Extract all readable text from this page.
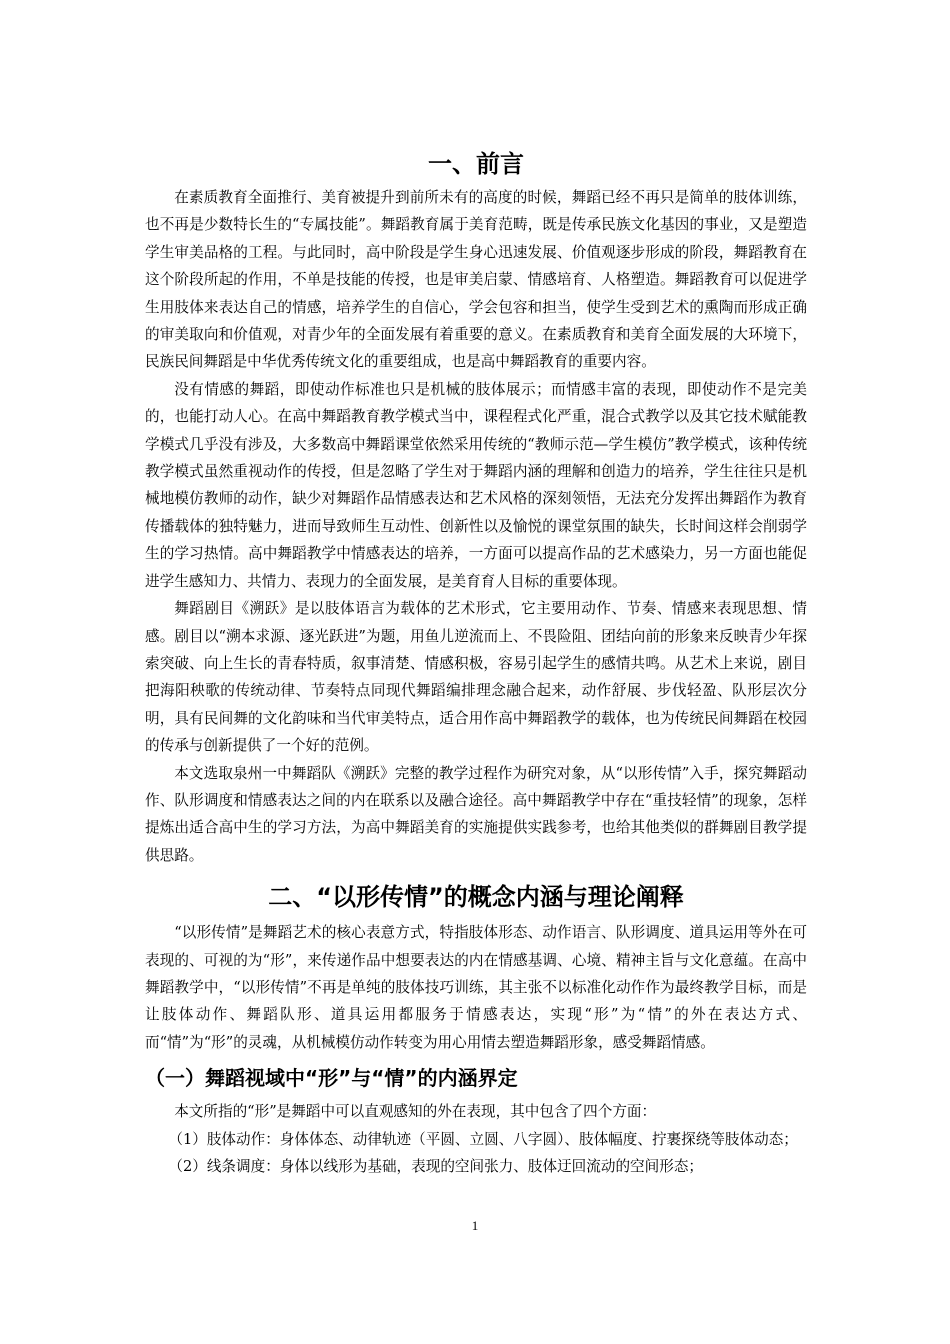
一、前言

在素质教育全面推行、美育被提升到前所未有的高度的时候，舞蹈已经不再只是简单的肢体训练，也不再是少数特长生的“专属技能”。舞蹈教育属于美育范畴，既是传承民族文化基因的事业，又是塑造学生审美品格的工程。与此同时，高中阶段是学生身心迅速发展、价值观逐步形成的阶段，舞蹈教育在这个阶段所起的作用，不单是技能的传授，也是审美启蒙、情感培育、人格塑造。舞蹈教育可以促进学生用肢体来表达自己的情感，培养学生的自信心，学会包容和担当，使学生受到艺术的熏陶而形成正确的审美取向和价值观，对青少年的全面发展有着重要的意义。在素质教育和美育全面发展的大环境下，民族民间舞蹈是中华优秀传统文化的重要组成，也是高中舞蹈教育的重要内容。

没有情感的舞蹈，即使动作标准也只是机械的肢体展示；而情感丰富的表现，即使动作不是完美的，也能打动人心。在高中舞蹈教育教学模式当中，课程程式化严重，混合式教学以及其它技术赋能教学模式几乎没有涉及，大多数高中舞蹈课堂依然采用传统的“教师示范—学生模仿”教学模式，该种传统教学模式虽然重视动作的传授，但是忽略了学生对于舞蹈内涵的理解和创造力的培养，学生往往只是机械地模仿教师的动作，缺少对舞蹈作品情感表达和艺术风格的深刻领悟，无法充分发挥出舞蹈作为教育传播载体的独特魅力，进而导致师生互动性、创新性以及愉悦的课堂氛围的缺失，长时间这样会削弱学生的学习热情。高中舞蹈教学中情感表达的培养，一方面可以提高作品的艺术感染力，另一方面也能促进学生感知力、共情力、表现力的全面发展，是美育育人目标的重要体现。

舞蹈剧目《溯跃》是以肢体语言为载体的艺术形式，它主要用动作、节奏、情感来表现思想、情感。剧目以“溯本求源、逐光跃进”为题，用鱼儿逆流而上、不畏险阻、团结向前的形象来反映青少年探索突破、向上生长的青春特质，叙事清楚、情感积极，容易引起学生的感情共鸣。从艺术上来说，剧目把海阳秧歌的传统动律、节奏特点同现代舞蹈编排理念融合起来，动作舒展、步伐轻盈、队形层次分明，具有民间舞的文化韵味和当代审美特点，适合用作高中舞蹈教学的载体，也为传统民间舞蹈在校园的传承与创新提供了一个好的范例。

本文选取泉州一中舞蹈队《溯跃》完整的教学过程作为研究对象，从“以形传情”入手，探究舞蹈动作、队形调度和情感表达之间的内在联系以及融合途径。高中舞蹈教学中存在“重技轻情”的现象，怎样提炼出适合高中生的学习方法，为高中舞蹈美育的实施提供实践参考，也给其他类似的群舞剧目教学提供思路。

二、“以形传情”的概念内涵与理论阐释

“以形传情”是舞蹈艺术的核心表意方式，特指肢体形态、动作语言、队形调度、道具运用等外在可表现的、可视的为“形”，来传递作品中想要表达的内在情感基调、心境、精神主旨与文化意蕴。在高中舞蹈教学中，“以形传情”不再是单纯的肢体技巧训练，其主张不以标准化动作作为最终教学目标，而是让肢体动作、舞蹈队形、道具运用都服务于情感表达，实现“形”为“情”的外在表达方式、而“情”为“形”的灵魂，从机械模仿动作转变为用心用情去塑造舞蹈形象，感受舞蹈情感。

（一）舞蹈视域中“形”与“情”的内涵界定

本文所指的“形”是舞蹈中可以直观感知的外在表现，其中包含了四个方面：

（1）肢体动作：身体体态、动律轨迹（平圆、立圆、八字圆）、肢体幅度、拧裹探绕等肢体动态；

（2）线条调度：身体以线形为基础，表现的空间张力、肢体迂回流动的空间形态；

1
